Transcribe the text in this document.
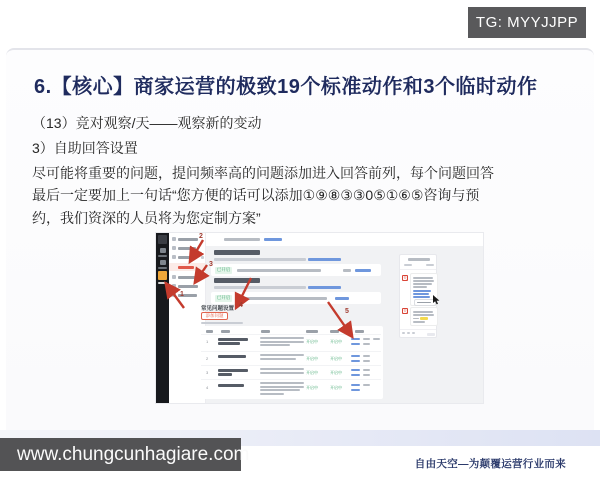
TG: MYYJJPP
6.【核心】商家运营的极致19个标准动作和3个临时动作
（13）竞对观察/天——观察新的变动
3）自助回答设置
尽可能将重要的问题，提问频率高的问题添加进入回答前列，每个问题回答
最后一定要加上一句话“您方便的话可以添加①⑨⑧③③0⑤①⑥⑤咨询与预
约，我们资深的人员将为您定制方案”
已开启
已开启
常见问题设置
添加问题
1	开启中	开启中
2	开启中	开启中
3	开启中	开启中
4	开启中	开启中
关
关
1
2
3
4
5
自由天空—为颠覆运营行业而来
www.chungcunhagiare.com
